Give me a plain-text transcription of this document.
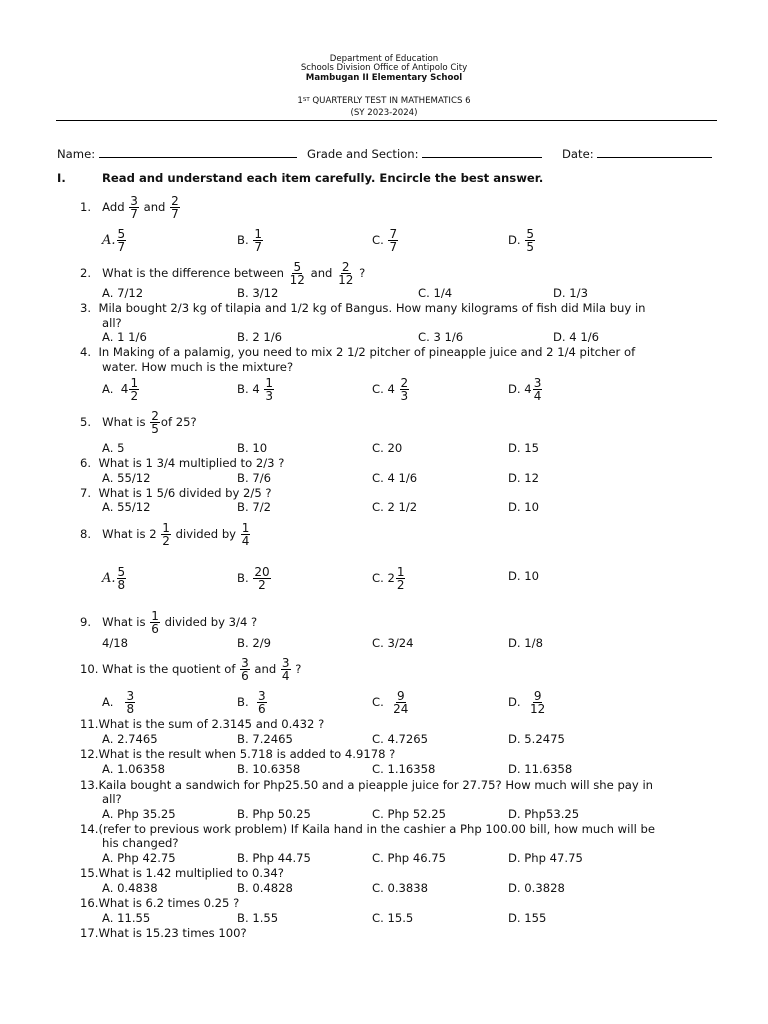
Department of Education
Schools Division Office of Antipolo City
Mambugan II Elementary School
1ST QUARTERLY TEST IN MATHEMATICS 6
(SY 2023-2024)
Name:	Grade and Section:	Date:
I.	Read and understand each item carefully. Encircle the best answer.
1. Add $\frac{3}{7}$ and $\frac{2}{7}$
A. $\frac{5}{7}$	B. $\frac{1}{7}$	C. $\frac{7}{7}$	D. $\frac{5}{5}$
2. What is the difference between $\frac{5}{12}$ and $\frac{2}{12}$ ?
A. 7/12	B. 3/12	C. 1/4	D. 1/3
3. Mila bought 2/3 kg of tilapia and 1/2 kg of Bangus. How many kilograms of fish did Mila buy in
all?
A. 1 1/6	B. 2 1/6	C. 3 1/6	D. 4 1/6
4. In Making of a palamig, you need to mix 2 1/2 pitcher of pineapple juice and 2 1/4 pitcher of
water. How much is the mixture?
A. $4 \frac{1}{2}$	B. $4 \frac{1}{3}$	C. $4 \frac{2}{3}$	D. $4 \frac{3}{4}$
5. What is $\frac{2}{5}$ of 25?
A. 5	B. 10	C. 20	D. 15
6. What is 1 3/4 multiplied to 2/3 ?
A. 55/12	B. 7/6	C. 4 1/6	D. 12
7. What is 1 5/6 divided by 2/5 ?
A. 55/12	B. 7/2	C. 2 1/2	D. 10
8. What is $2 \frac{1}{2}$ divided by $\frac{1}{4}$
A. $\frac{5}{8}$	B. $\frac{20}{2}$	C. $2 \frac{1}{2}$	D. 10
9. What is $\frac{1}{6}$ divided by 3/4 ?
4/18	B. 2/9	C. 3/24	D. 1/8
10. What is the quotient of $\frac{3}{6}$ and $\frac{3}{4}$ ?
A. $\frac{3}{8}$	B. $\frac{3}{6}$	C. $\frac{9}{24}$	D. $\frac{9}{12}$
11.What is the sum of 2.3145 and 0.432 ?
A. 2.7465	B. 7.2465	C. 4.7265	D. 5.2475
12.What is the result when 5.718 is added to 4.9178 ?
A. 1.06358	B. 10.6358	C. 1.16358	D. 11.6358
13.Kaila bought a sandwich for Php25.50 and a pieapple juice for 27.75? How much will she pay in
all?
A. Php 35.25	B. Php 50.25	C. Php 52.25	D. Php53.25
14.(refer to previous work problem) If Kaila hand in the cashier a Php 100.00 bill, how much will be
his changed?
A. Php 42.75	B. Php 44.75	C. Php 46.75	D. Php 47.75
15.What is 1.42 multiplied to 0.34?
A. 0.4838	B. 0.4828	C. 0.3838	D. 0.3828
16.What is 6.2 times 0.25 ?
A. 11.55	B. 1.55	C. 15.5	D. 155
17.What is 15.23 times 100?
